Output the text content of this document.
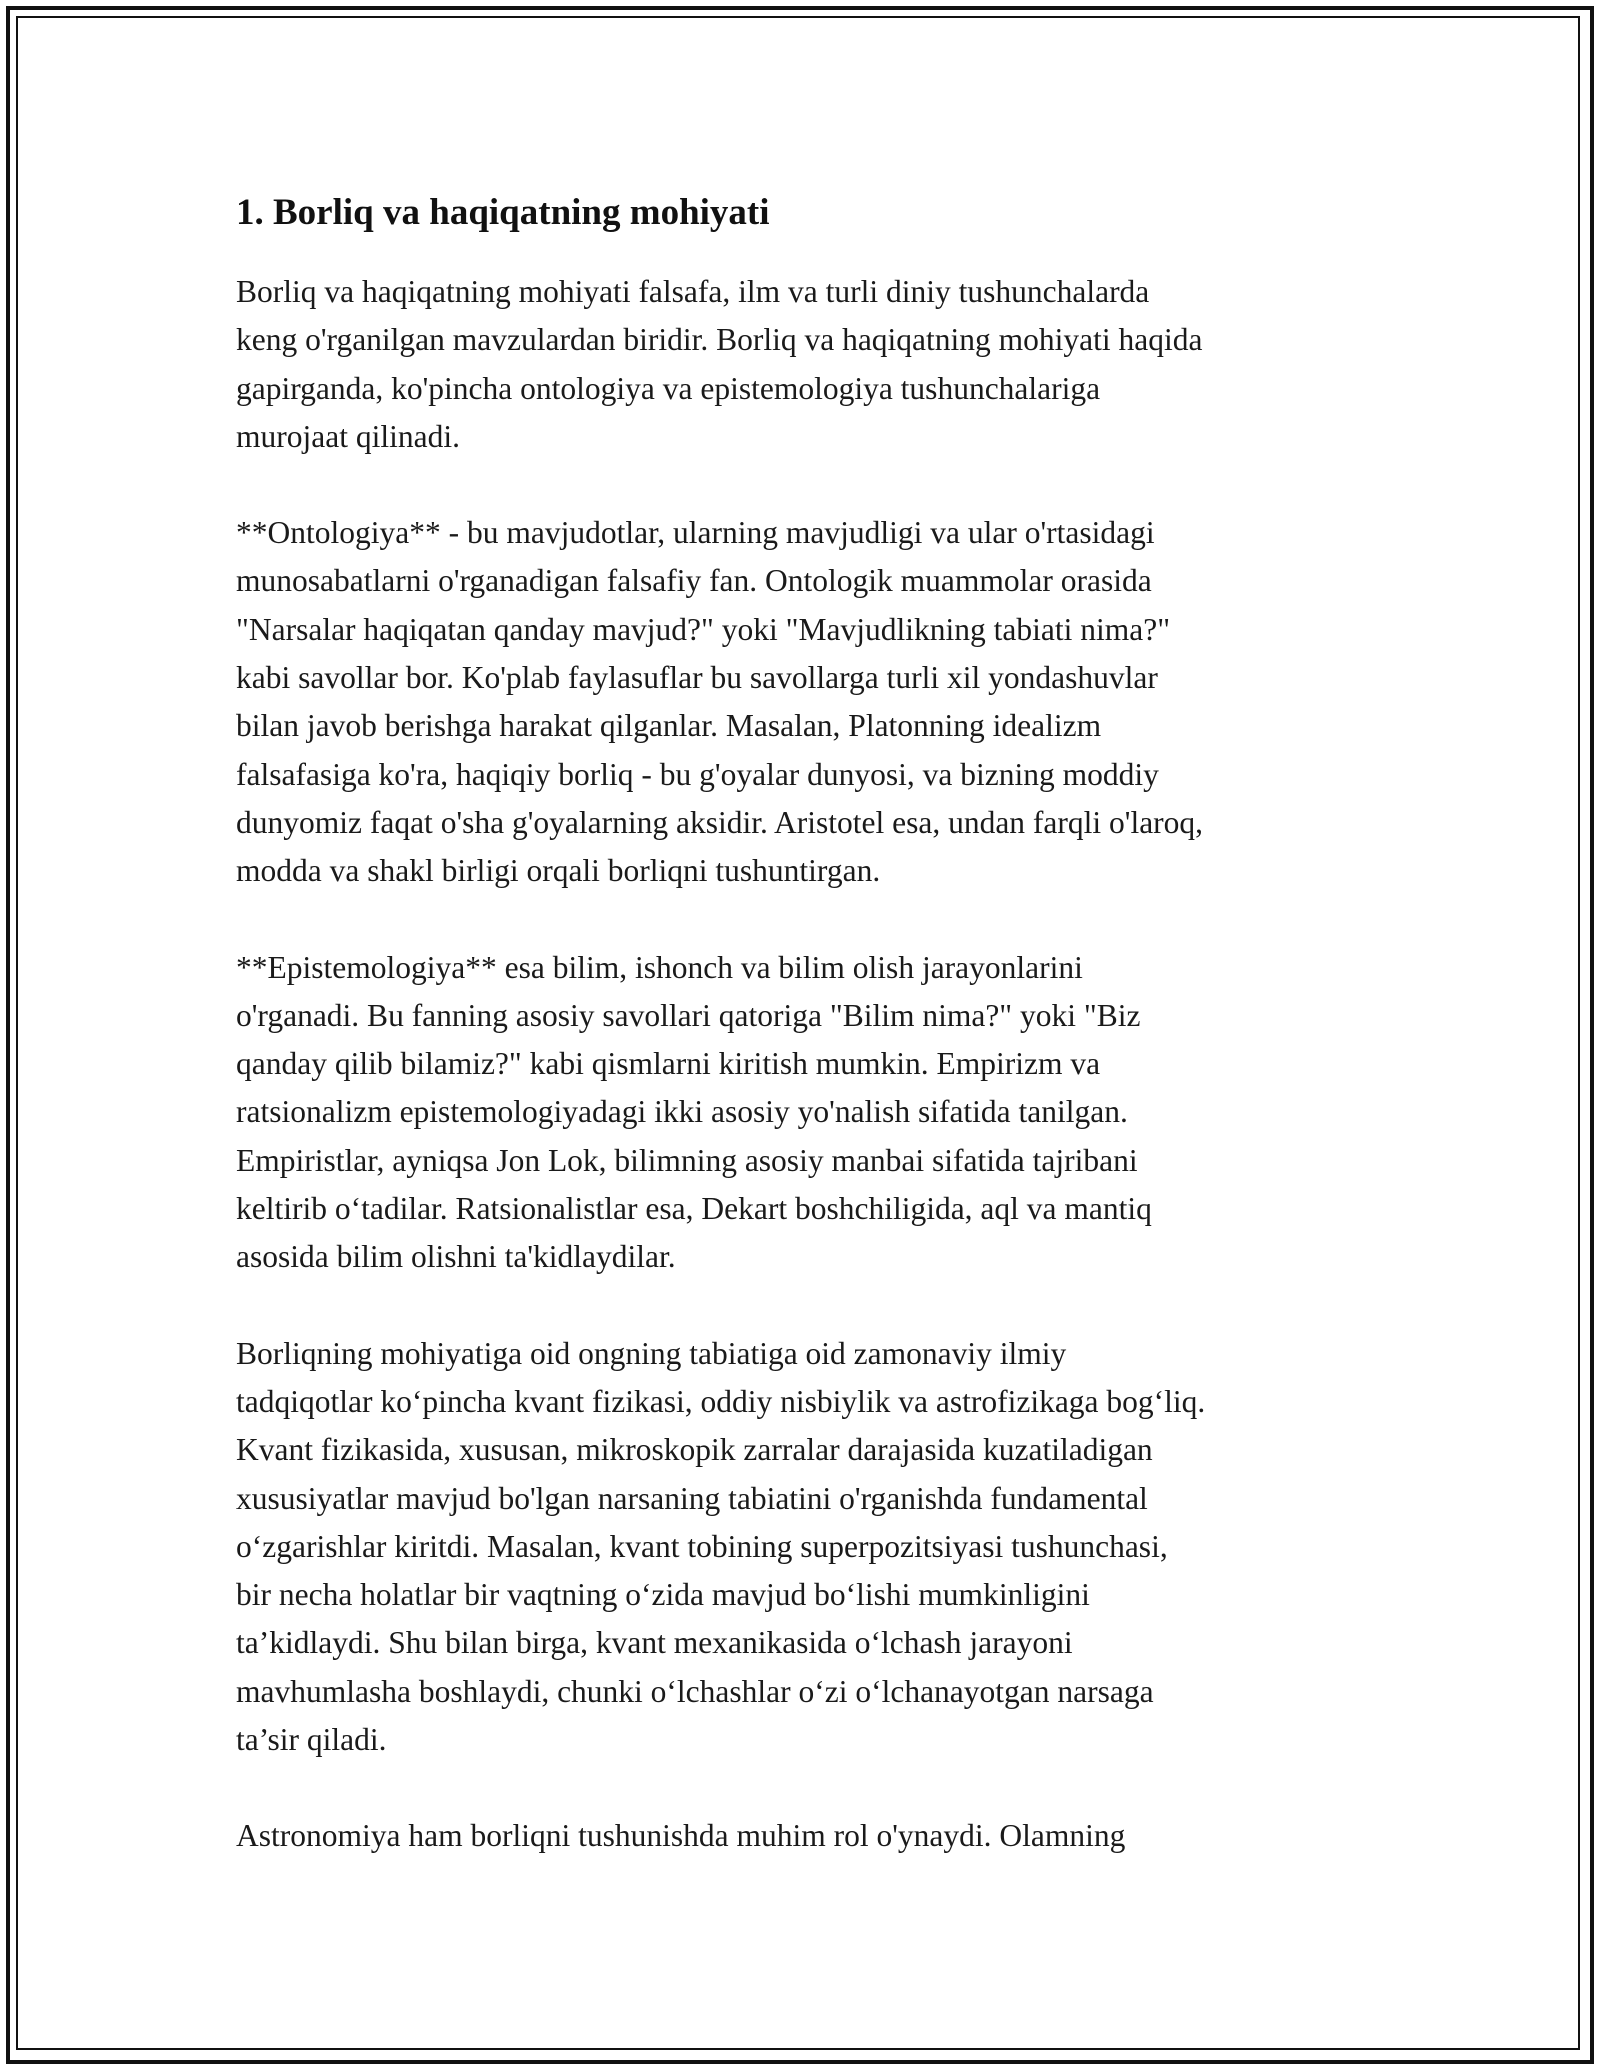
1. Borliq va haqiqatning mohiyati

Borliq va haqiqatning mohiyati falsafa, ilm va turli diniy tushunchalarda
keng o'rganilgan mavzulardan biridir. Borliq va haqiqatning mohiyati haqida
gapirganda, ko'pincha ontologiya va epistemologiya tushunchalariga
murojaat qilinadi.

**Ontologiya** - bu mavjudotlar, ularning mavjudligi va ular o'rtasidagi
munosabatlarni o'rganadigan falsafiy fan. Ontologik muammolar orasida
"Narsalar haqiqatan qanday mavjud?" yoki "Mavjudlikning tabiati nima?"
kabi savollar bor. Ko'plab faylasuflar bu savollarga turli xil yondashuvlar
bilan javob berishga harakat qilganlar. Masalan, Platonning idealizm
falsafasiga ko'ra, haqiqiy borliq - bu g'oyalar dunyosi, va bizning moddiy
dunyomiz faqat o'sha g'oyalarning aksidir. Aristotel esa, undan farqli o'laroq,
modda va shakl birligi orqali borliqni tushuntirgan.

**Epistemologiya** esa bilim, ishonch va bilim olish jarayonlarini
o'rganadi. Bu fanning asosiy savollari qatoriga "Bilim nima?" yoki "Biz
qanday qilib bilamiz?" kabi qismlarni kiritish mumkin. Empirizm va
ratsionalizm epistemologiyadagi ikki asosiy yo'nalish sifatida tanilgan.
Empiristlar, ayniqsa Jon Lok, bilimning asosiy manbai sifatida tajribani
keltirib o‘tadilar. Ratsionalistlar esa, Dekart boshchiligida, aql va mantiq
asosida bilim olishni ta'kidlaydilar.

Borliqning mohiyatiga oid ongning tabiatiga oid zamonaviy ilmiy
tadqiqotlar ko‘pincha kvant fizikasi, oddiy nisbiylik va astrofizikaga bog‘liq.
Kvant fizikasida, xususan, mikroskopik zarralar darajasida kuzatiladigan
xususiyatlar mavjud bo'lgan narsaning tabiatini o'rganishda fundamental
o‘zgarishlar kiritdi. Masalan, kvant tobining superpozitsiyasi tushunchasi,
bir necha holatlar bir vaqtning o‘zida mavjud bo‘lishi mumkinligini
ta’kidlaydi. Shu bilan birga, kvant mexanikasida o‘lchash jarayoni
mavhumlasha boshlaydi, chunki o‘lchashlar o‘zi o‘lchanayotgan narsaga
ta’sir qiladi.

Astronomiya ham borliqni tushunishda muhim rol o'ynaydi. Olamning
